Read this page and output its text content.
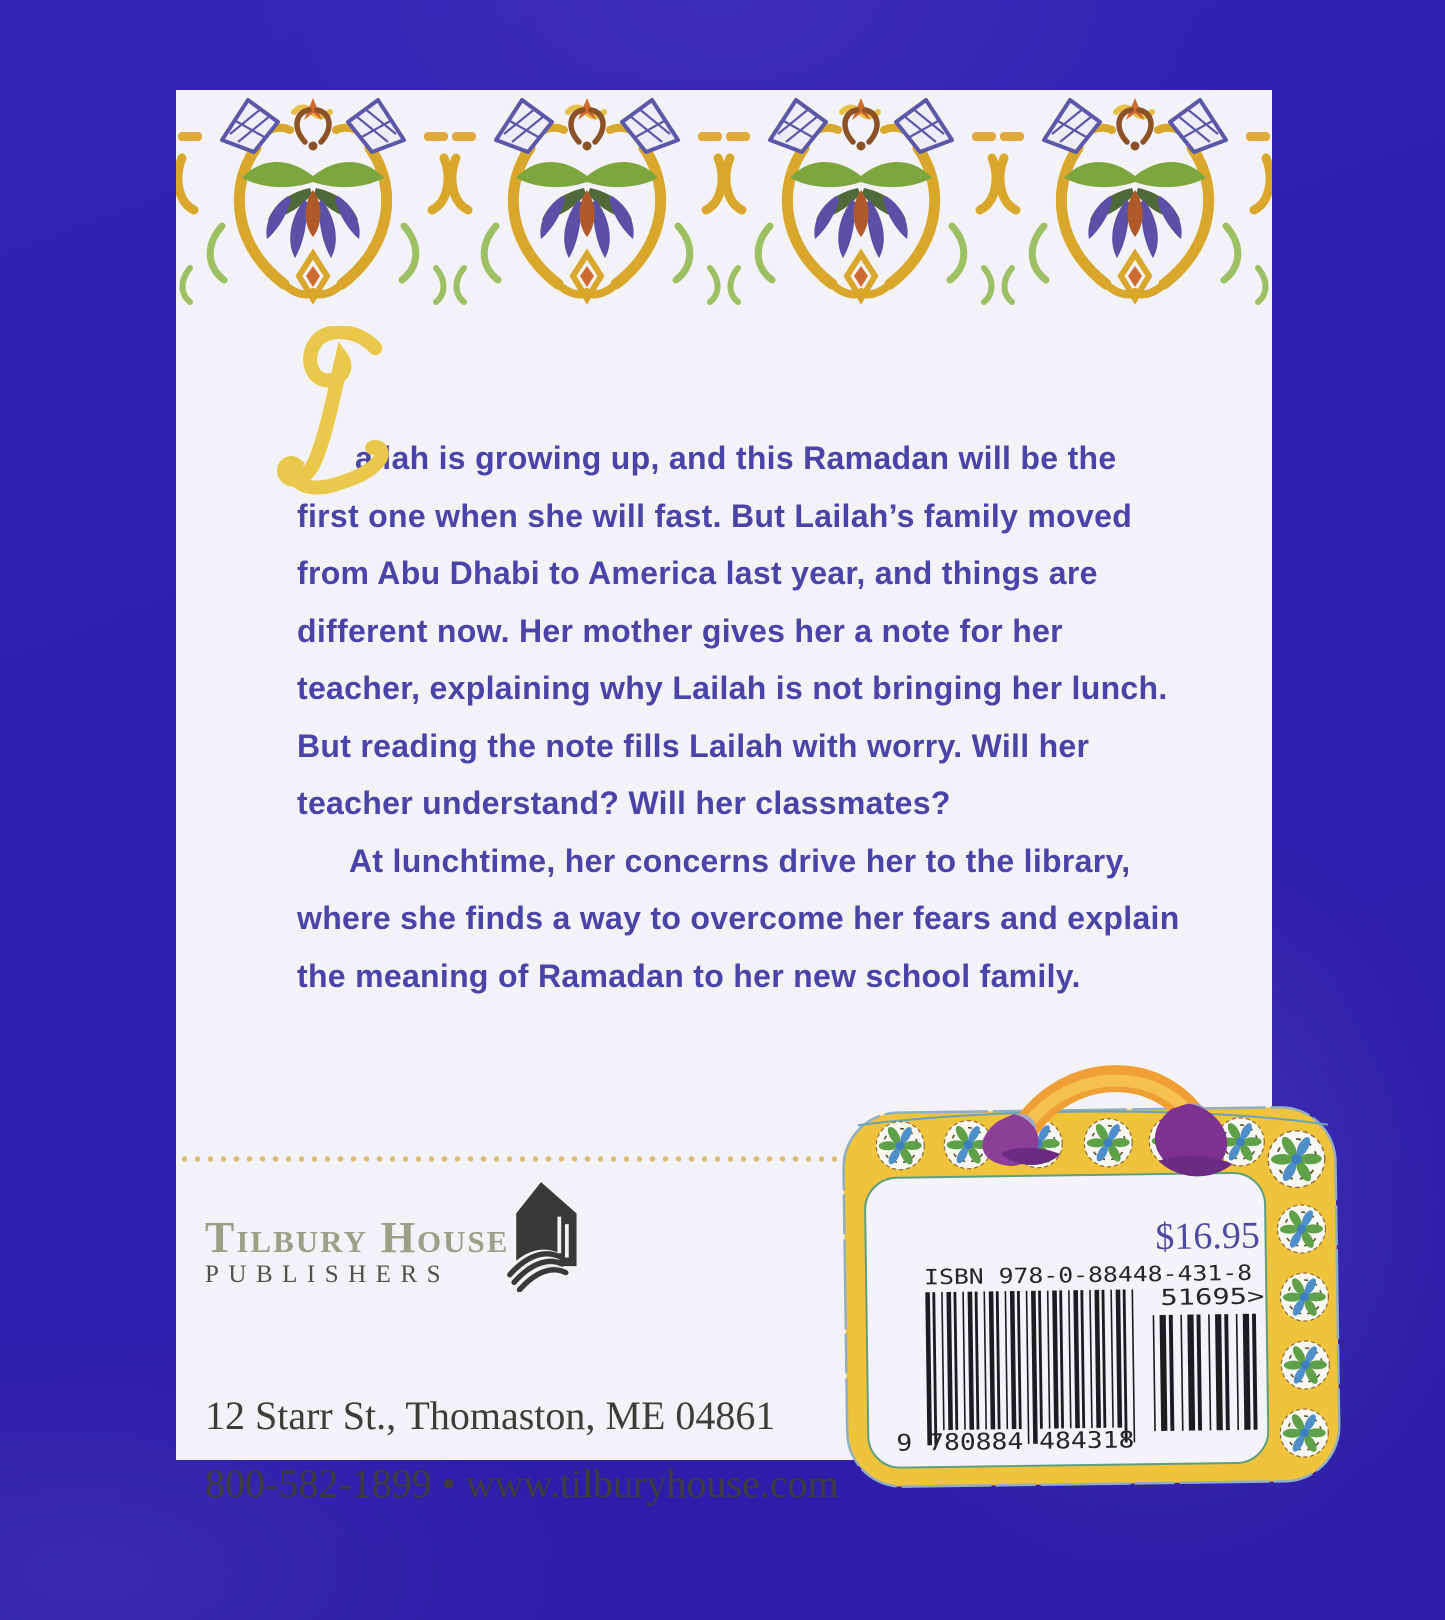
ailah is growing up, and this Ramadan will be the
first one when she will fast. But Lailah’s family moved
from Abu Dhabi to America last year, and things are
different now. Her mother gives her a note for her
teacher, explaining why Lailah is not bringing her lunch.
But reading the note fills Lailah with worry. Will her
teacher understand? Will her classmates?
At lunchtime, her concerns drive her to the library,
where she finds a way to overcome her fears and explain
the meaning of Ramadan to her new school family.
Tilbury House
PUBLISHERS
12 Starr St., Thomaston, ME 04861
800-582-1899 • www.tilburyhouse.com
$16.95
ISBN 978-0-88448-431-8
51695>
9 780884 484318
